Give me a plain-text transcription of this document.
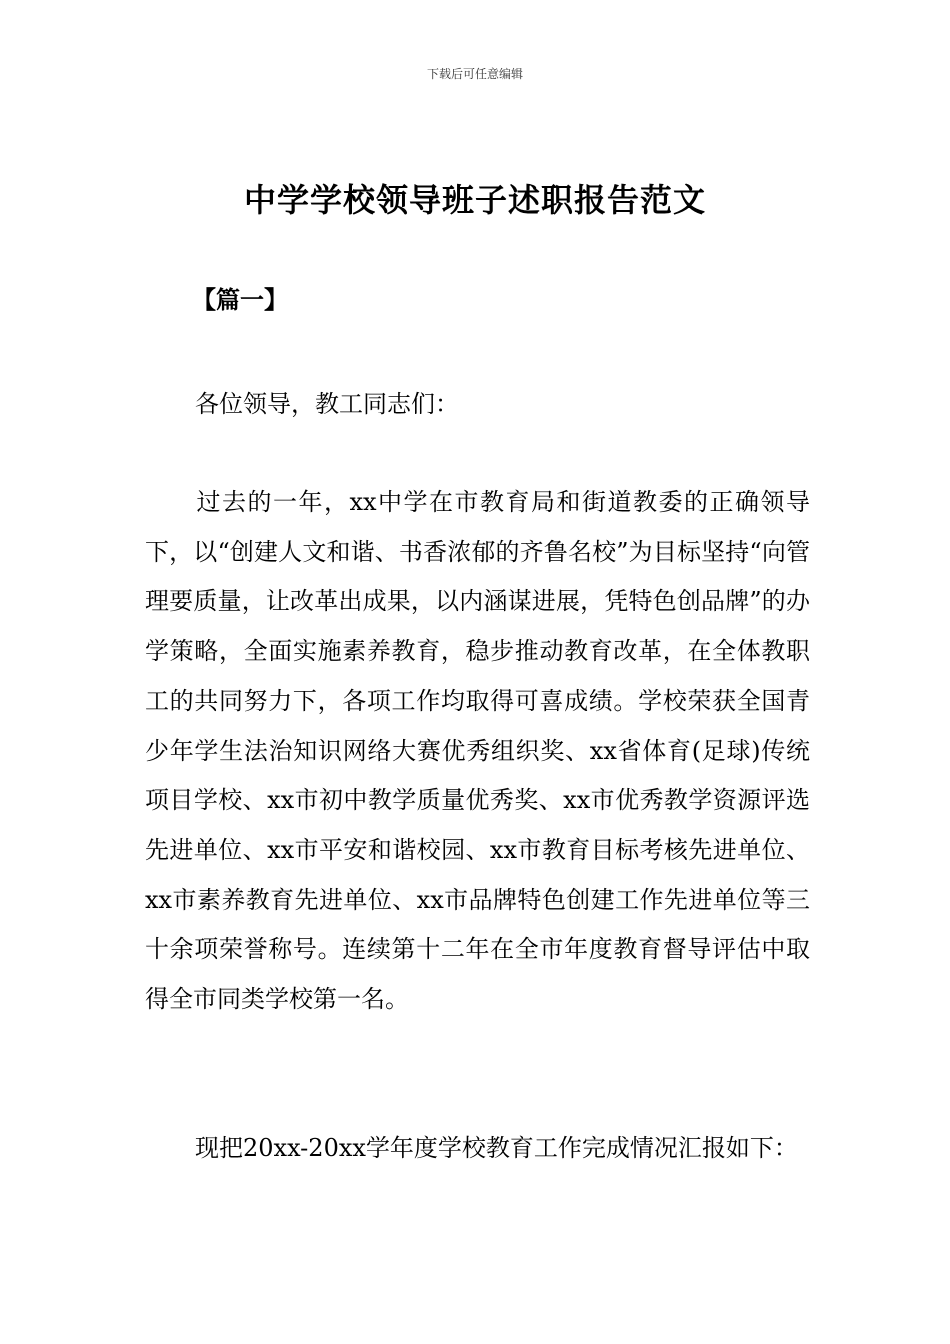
下载后可任意编辑
中学学校领导班子述职报告范文
【篇一】

各位领导，教工同志们：

过去的一年，xx中学在市教育局和街道教委的正确领导下，以“创建人文和谐、书香浓郁的齐鲁名校”为目标坚持“向管理要质量，让改革出成果，以内涵谋进展，凭特色创品牌”的办学策略，全面实施素养教育，稳步推动教育改革，在全体教职工的共同努力下，各项工作均取得可喜成绩。学校荣获全国青少年学生法治知识网络大赛优秀组织奖、xx省体育(足球)传统项目学校、xx市初中教学质量优秀奖、xx市优秀教学资源评选先进单位、xx市平安和谐校园、xx市教育目标考核先进单位、xx市素养教育先进单位、xx市品牌特色创建工作先进单位等三十余项荣誉称号。连续第十二年在全市年度教育督导评估中取得全市同类学校第一名。

现把20xx-20xx学年度学校教育工作完成情况汇报如下：
